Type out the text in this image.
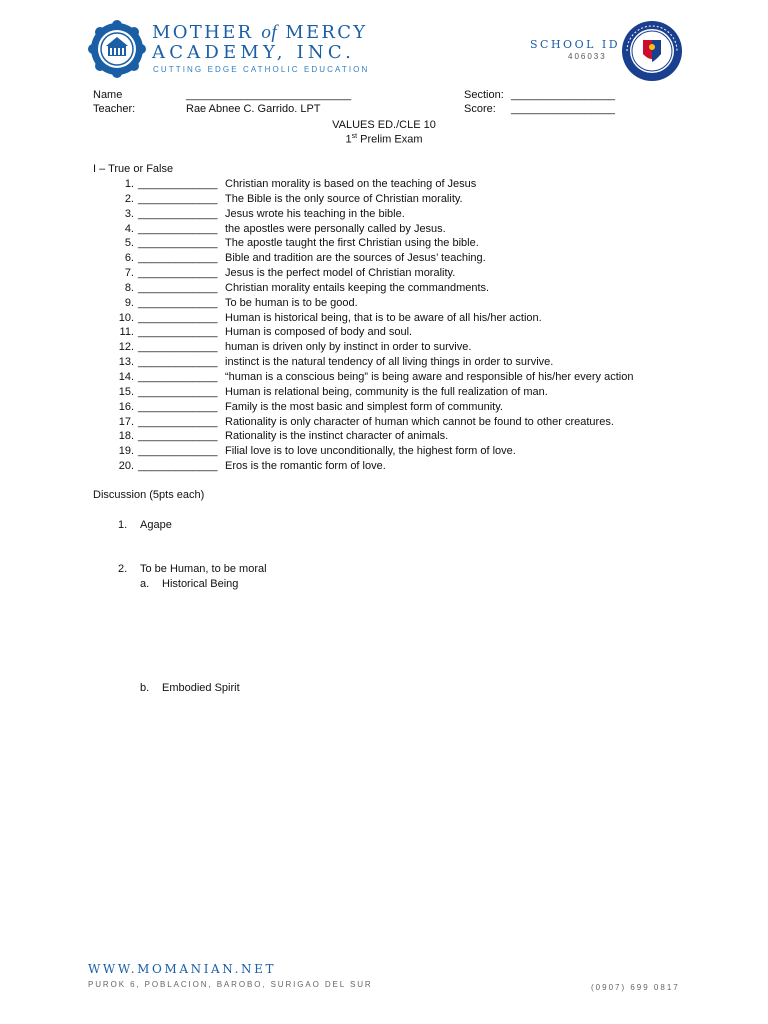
MOTHER of MERCY
ACADEMY, INC.
CUTTING EDGE CATHOLIC EDUCATION
SCHOOL ID
406033
Name	___________________________
Teacher:	Rae Abnee C. Garrido. LPT
Section: _________________
Score: _________________
VALUES ED./CLE 10
1st Prelim Exam
I – True or False
1. _____________ Christian morality is based on the teaching of Jesus
2. _____________ The Bible is the only source of Christian morality.
3. _____________ Jesus wrote his teaching in the bible.
4. _____________ the apostles were personally called by Jesus.
5. _____________ The apostle taught the first Christian using the bible.
6. _____________ Bible and tradition are the sources of Jesus’ teaching.
7. _____________ Jesus is the perfect model of Christian morality.
8. _____________ Christian morality entails keeping the commandments.
9. _____________ To be human is to be good.
10. _____________ Human is historical being, that is to be aware of all his/her action.
11. _____________ Human is composed of body and soul.
12. _____________ human is driven only by instinct in order to survive.
13. _____________ instinct is the natural tendency of all living things in order to survive.
14. _____________ “human is a conscious being” is being aware and responsible of his/her every action
15. _____________ Human is relational being, community is the full realization of man.
16. _____________ Family is the most basic and simplest form of community.
17. _____________ Rationality is only character of human which cannot be found to other creatures.
18. _____________ Rationality is the instinct character of animals.
19. _____________ Filial love is to love unconditionally, the highest form of love.
20. _____________ Eros is the romantic form of love.
Discussion (5pts each)
1. Agape
2. To be Human, to be moral
a. Historical Being
b. Embodied Spirit
WWW.MOMANIAN.NET
PUROK 6, POBLACION, BAROBO, SURIGAO DEL SUR	(0907) 699 0817
